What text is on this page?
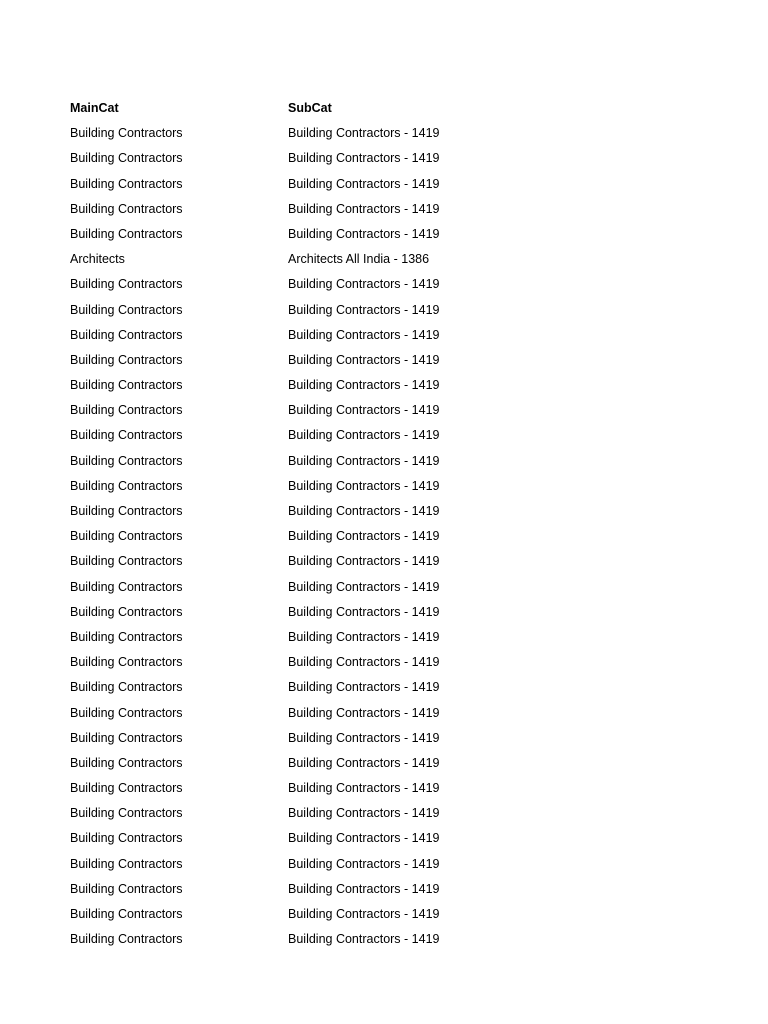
MainCat	SubCat
Building Contractors	Building Contractors - 1419
Building Contractors	Building Contractors - 1419
Building Contractors	Building Contractors - 1419
Building Contractors	Building Contractors - 1419
Building Contractors	Building Contractors - 1419
Architects	Architects All India - 1386
Building Contractors	Building Contractors - 1419
Building Contractors	Building Contractors - 1419
Building Contractors	Building Contractors - 1419
Building Contractors	Building Contractors - 1419
Building Contractors	Building Contractors - 1419
Building Contractors	Building Contractors - 1419
Building Contractors	Building Contractors - 1419
Building Contractors	Building Contractors - 1419
Building Contractors	Building Contractors - 1419
Building Contractors	Building Contractors - 1419
Building Contractors	Building Contractors - 1419
Building Contractors	Building Contractors - 1419
Building Contractors	Building Contractors - 1419
Building Contractors	Building Contractors - 1419
Building Contractors	Building Contractors - 1419
Building Contractors	Building Contractors - 1419
Building Contractors	Building Contractors - 1419
Building Contractors	Building Contractors - 1419
Building Contractors	Building Contractors - 1419
Building Contractors	Building Contractors - 1419
Building Contractors	Building Contractors - 1419
Building Contractors	Building Contractors - 1419
Building Contractors	Building Contractors - 1419
Building Contractors	Building Contractors - 1419
Building Contractors	Building Contractors - 1419
Building Contractors	Building Contractors - 1419
Building Contractors	Building Contractors - 1419
